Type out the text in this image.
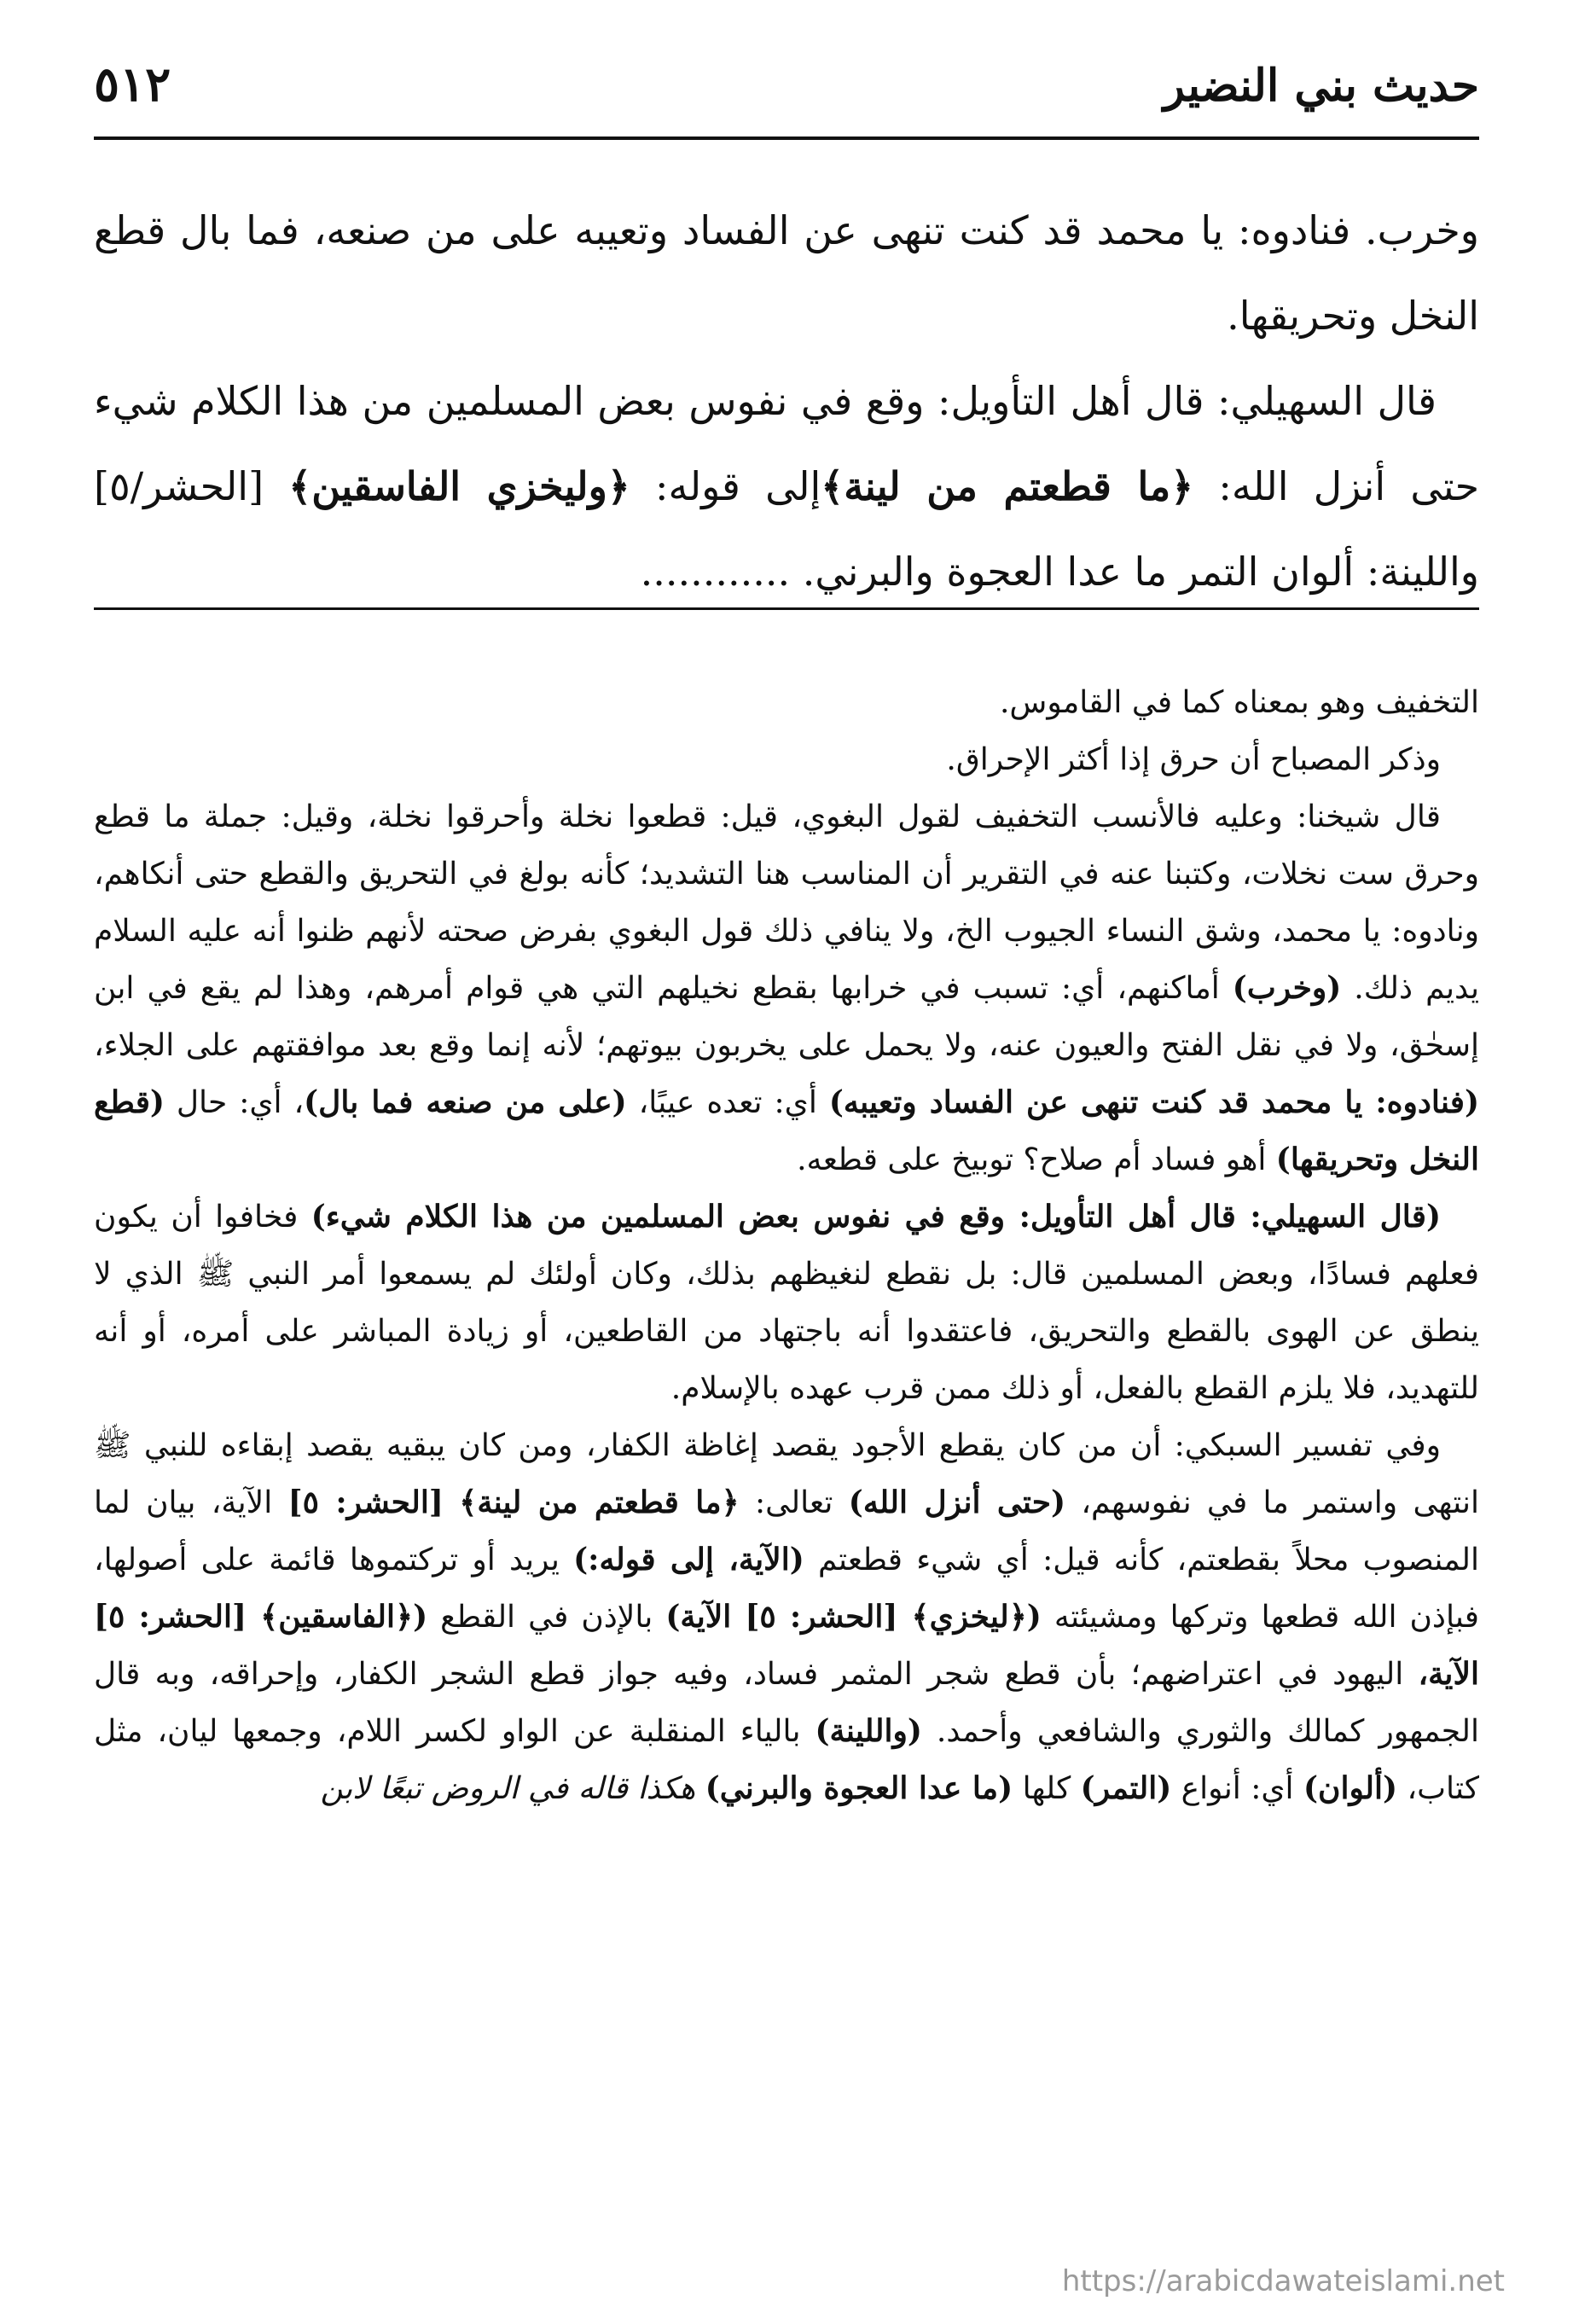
حديث بني النضير
٥١٢

وخرب. فنادوه: يا محمد قد كنت تنهى عن الفساد وتعيبه على من صنعه، فما بال قطع النخل وتحريقها.

قال السهيلي: قال أهل التأويل: وقع في نفوس بعض المسلمين من هذا الكلام شيء حتى أنزل الله: ﴿ما قطعتم من لينة﴾إلى قوله: ﴿وليخزي الفاسقين﴾ [الحشر/٥] واللينة: ألوان التمر ما عدا العجوة والبرني. ............

التخفيف وهو بمعناه كما في القاموس.

وذكر المصباح أن حرق إذا أكثر الإحراق.

قال شيخنا: وعليه فالأنسب التخفيف لقول البغوي، قيل: قطعوا نخلة وأحرقوا نخلة، وقيل: جملة ما قطع وحرق ست نخلات، وكتبنا عنه في التقرير أن المناسب هنا التشديد؛ كأنه بولغ في التحريق والقطع حتى أنكاهم، ونادوه: يا محمد، وشق النساء الجيوب الخ، ولا ينافي ذلك قول البغوي بفرض صحته لأنهم ظنوا أنه عليه السلام يديم ذلك. (وخرب) أماكنهم، أي: تسبب في خرابها بقطع نخيلهم التي هي قوام أمرهم، وهذا لم يقع في ابن إسحٰق، ولا في نقل الفتح والعيون عنه، ولا يحمل على يخربون بيوتهم؛ لأنه إنما وقع بعد موافقتهم على الجلاء، (فنادوه: يا محمد قد كنت تنهى عن الفساد وتعيبه) أي: تعده عيبًا، (على من صنعه فما بال)، أي: حال (قطع النخل وتحريقها) أهو فساد أم صلاح؟ توبيخ على قطعه.

(قال السهيلي: قال أهل التأويل: وقع في نفوس بعض المسلمين من هذا الكلام شيء) فخافوا أن يكون فعلهم فسادًا، وبعض المسلمين قال: بل نقطع لنغيظهم بذلك، وكان أولئك لم يسمعوا أمر النبي ﷺ الذي لا ينطق عن الهوى بالقطع والتحريق، فاعتقدوا أنه باجتهاد من القاطعين، أو زيادة المباشر على أمره، أو أنه للتهديد، فلا يلزم القطع بالفعل، أو ذلك ممن قرب عهده بالإسلام.

وفي تفسير السبكي: أن من كان يقطع الأجود يقصد إغاظة الكفار، ومن كان يبقيه يقصد إبقاءه للنبي ﷺ انتهى واستمر ما في نفوسهم، (حتى أنزل الله) تعالى: ﴿ما قطعتم من لينة﴾ [الحشر: ٥] الآية، بيان لما المنصوب محلاً بقطعتم، كأنه قيل: أي شيء قطعتم (الآية، إلى قوله:) يريد أو تركتموها قائمة على أصولها، فبإذن الله قطعها وتركها ومشيئته (﴿ليخزي﴾ [الحشر: ٥] الآية) بالإذن في القطع (﴿الفاسقين﴾ [الحشر: ٥] الآية، اليهود في اعتراضهم؛ بأن قطع شجر المثمر فساد، وفيه جواز قطع الشجر الكفار، وإحراقه، وبه قال الجمهور كمالك والثوري والشافعي وأحمد. (واللينة) بالياء المنقلبة عن الواو لكسر اللام، وجمعها ليان، مثل كتاب، (ألوان) أي: أنواع (التمر) كلها (ما عدا العجوة والبرني) هكذا قاله في الروض تبعًا لابن

https://arabicdawateislami.net
